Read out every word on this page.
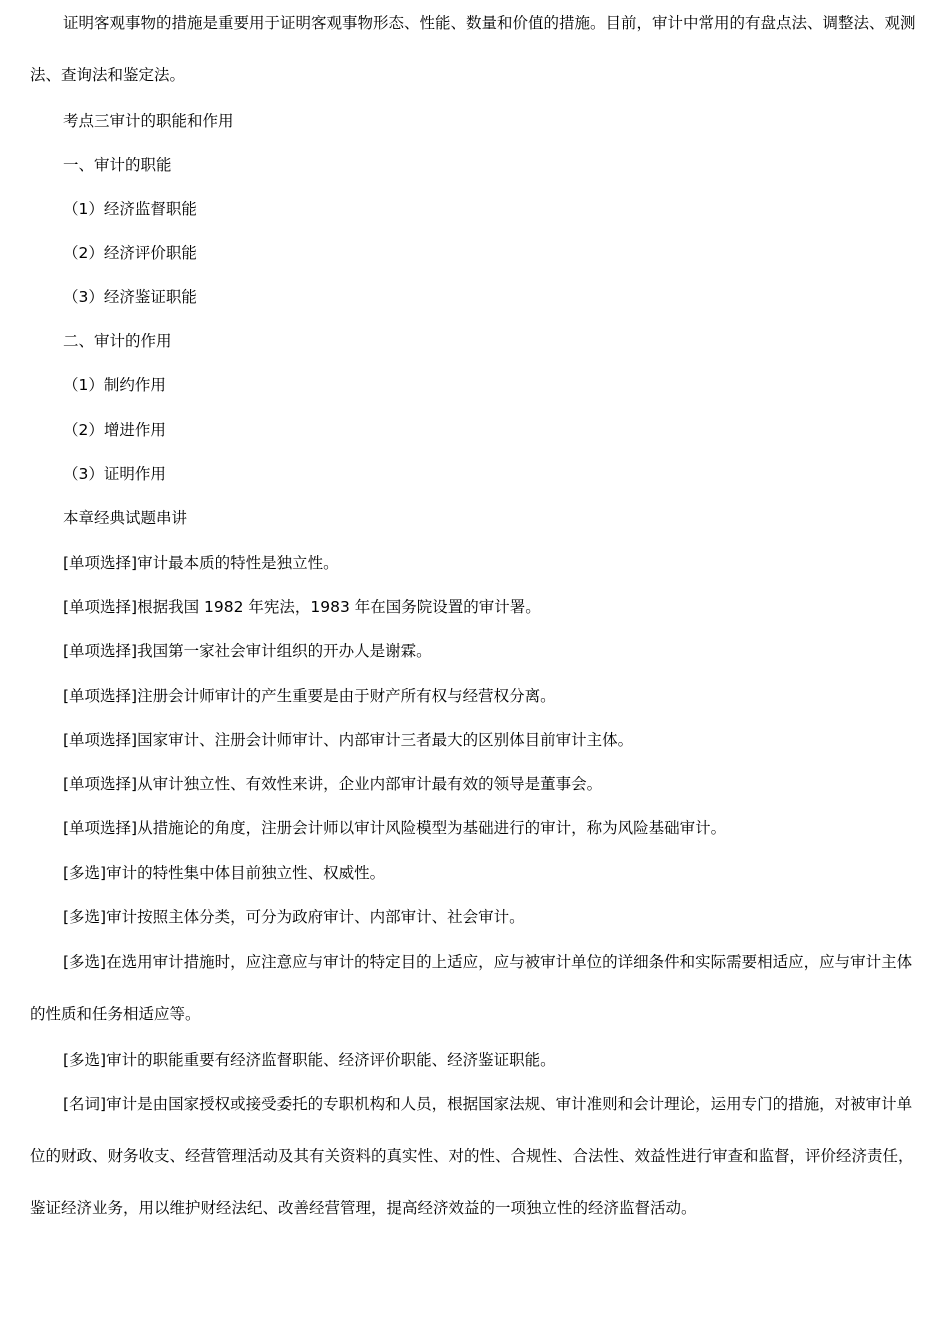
证明客观事物的措施是重要用于证明客观事物形态、性能、数量和价值的措施。目前，审计中常用的有盘点法、调整法、观测法、查询法和鉴定法。

考点三审计的职能和作用

一、审计的职能

（1）经济监督职能

（2）经济评价职能

（3）经济鉴证职能

二、审计的作用

（1）制约作用

（2）增进作用

（3）证明作用

本章经典试题串讲

[单项选择]审计最本质的特性是独立性。

[单项选择]根据我国 1982 年宪法，1983 年在国务院设置的审计署。

[单项选择]我国第一家社会审计组织的开办人是谢霖。

[单项选择]注册会计师审计的产生重要是由于财产所有权与经营权分离。

[单项选择]国家审计、注册会计师审计、内部审计三者最大的区别体目前审计主体。

[单项选择]从审计独立性、有效性来讲，企业内部审计最有效的领导是董事会。

[单项选择]从措施论的角度，注册会计师以审计风险模型为基础进行的审计，称为风险基础审计。

[多选]审计的特性集中体目前独立性、权威性。

[多选]审计按照主体分类，可分为政府审计、内部审计、社会审计。

[多选]在选用审计措施时，应注意应与审计的特定目的上适应，应与被审计单位的详细条件和实际需要相适应，应与审计主体的性质和任务相适应等。

[多选]审计的职能重要有经济监督职能、经济评价职能、经济鉴证职能。

[名词]审计是由国家授权或接受委托的专职机构和人员，根据国家法规、审计准则和会计理论，运用专门的措施，对被审计单位的财政、财务收支、经营管理活动及其有关资料的真实性、对的性、合规性、合法性、效益性进行审查和监督，评价经济责任，鉴证经济业务，用以维护财经法纪、改善经营管理，提高经济效益的一项独立性的经济监督活动。
